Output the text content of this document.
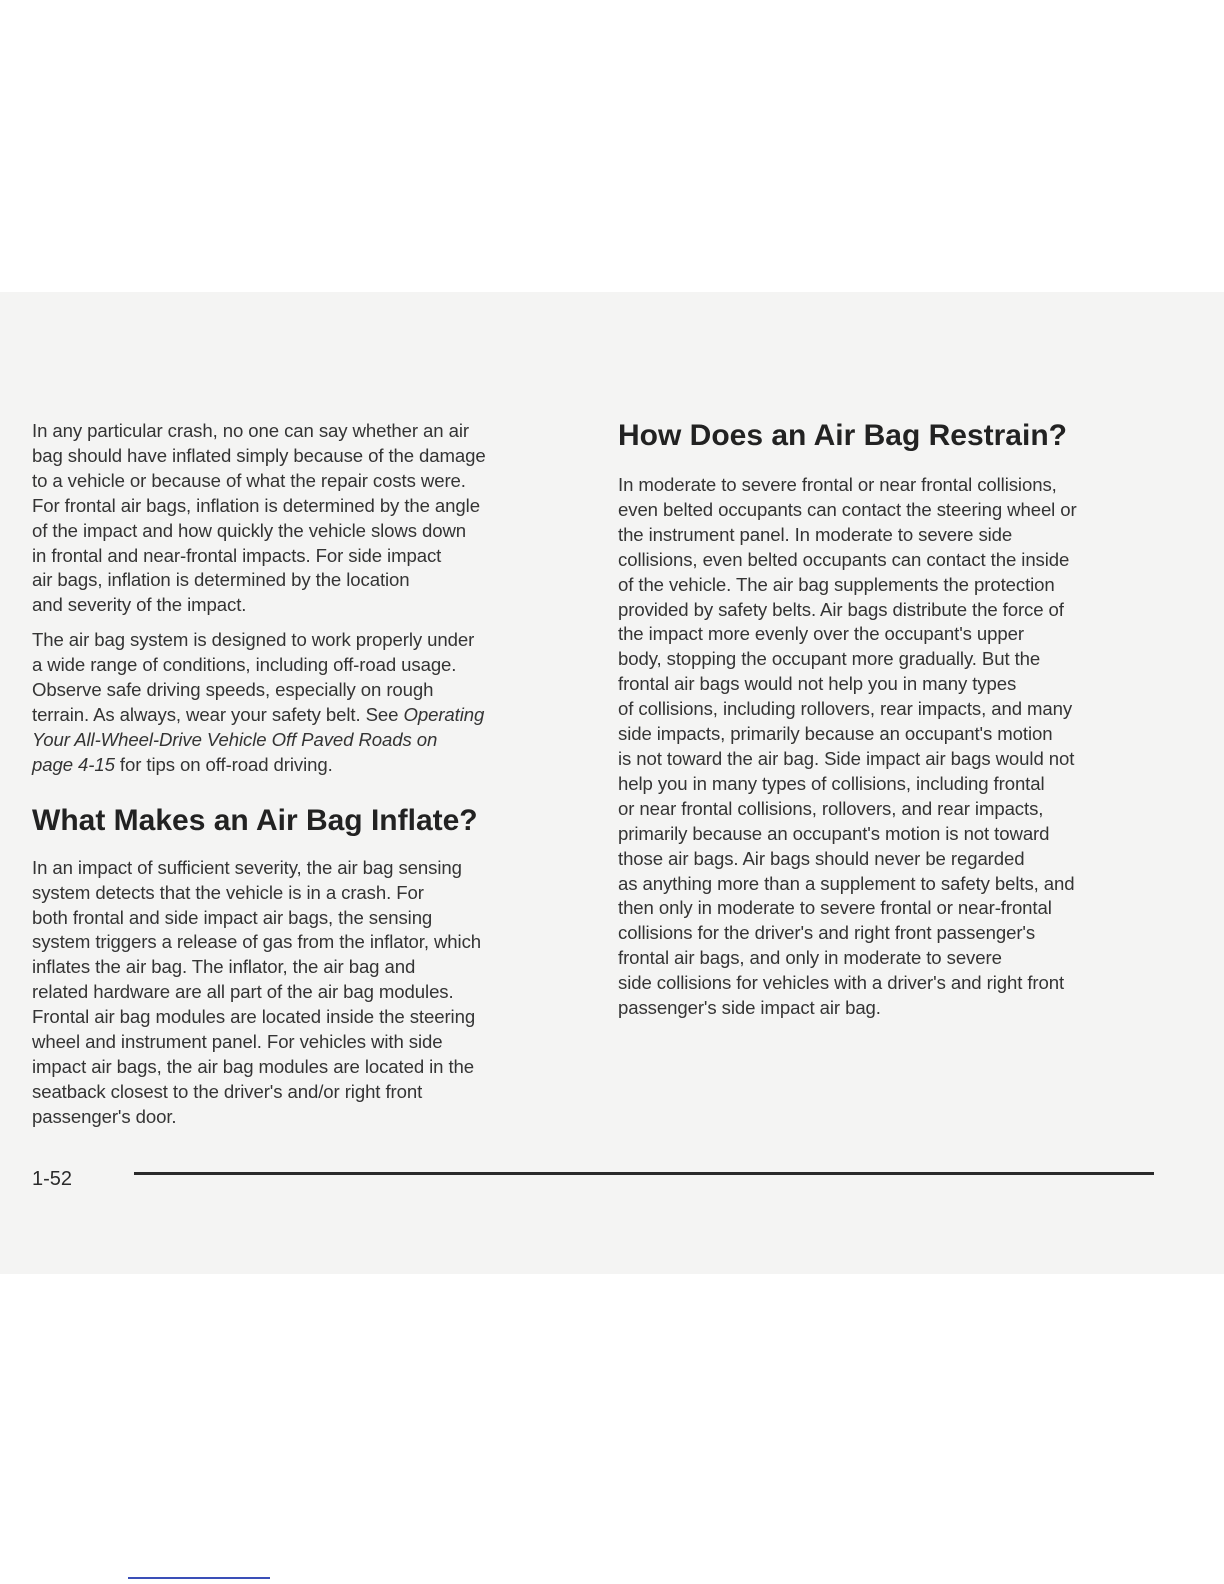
In any particular crash, no one can say whether an air
bag should have inflated simply because of the damage
to a vehicle or because of what the repair costs were.
For frontal air bags, inflation is determined by the angle
of the impact and how quickly the vehicle slows down
in frontal and near-frontal impacts. For side impact
air bags, inflation is determined by the location
and severity of the impact.

The air bag system is designed to work properly under
a wide range of conditions, including off-road usage.
Observe safe driving speeds, especially on rough
terrain. As always, wear your safety belt. See Operating
Your All-Wheel-Drive Vehicle Off Paved Roads on
page 4-15 for tips on off-road driving.

What Makes an Air Bag Inflate?

In an impact of sufficient severity, the air bag sensing
system detects that the vehicle is in a crash. For
both frontal and side impact air bags, the sensing
system triggers a release of gas from the inflator, which
inflates the air bag. The inflator, the air bag and
related hardware are all part of the air bag modules.
Frontal air bag modules are located inside the steering
wheel and instrument panel. For vehicles with side
impact air bags, the air bag modules are located in the
seatback closest to the driver's and/or right front
passenger's door.

How Does an Air Bag Restrain?

In moderate to severe frontal or near frontal collisions,
even belted occupants can contact the steering wheel or
the instrument panel. In moderate to severe side
collisions, even belted occupants can contact the inside
of the vehicle. The air bag supplements the protection
provided by safety belts. Air bags distribute the force of
the impact more evenly over the occupant's upper
body, stopping the occupant more gradually. But the
frontal air bags would not help you in many types
of collisions, including rollovers, rear impacts, and many
side impacts, primarily because an occupant's motion
is not toward the air bag. Side impact air bags would not
help you in many types of collisions, including frontal
or near frontal collisions, rollovers, and rear impacts,
primarily because an occupant's motion is not toward
those air bags. Air bags should never be regarded
as anything more than a supplement to safety belts, and
then only in moderate to severe frontal or near-frontal
collisions for the driver's and right front passenger's
frontal air bags, and only in moderate to severe
side collisions for vehicles with a driver's and right front
passenger's side impact air bag.

1-52
